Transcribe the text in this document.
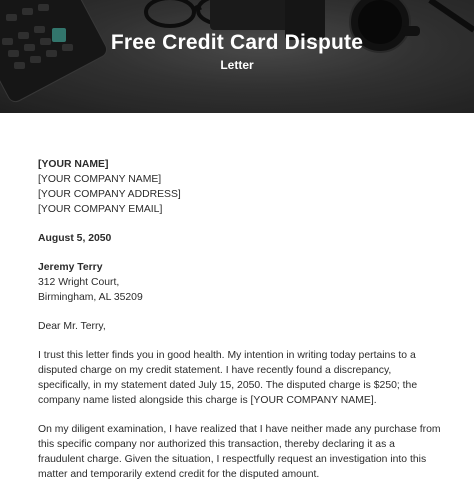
Free Credit Card Dispute
Letter
[YOUR NAME]
[YOUR COMPANY NAME]
[YOUR COMPANY ADDRESS]
[YOUR COMPANY EMAIL]
August 5, 2050
Jeremy Terry
312 Wright Court,
Birmingham, AL 35209
Dear Mr. Terry,
I trust this letter finds you in good health. My intention in writing today pertains to a
disputed charge on my credit statement. I have recently found a discrepancy,
specifically, in my statement dated July 15, 2050. The disputed charge is $250; the
company name listed alongside this charge is [YOUR COMPANY NAME].
On my diligent examination, I have realized that I have neither made any purchase from
this specific company nor authorized this transaction, thereby declaring it as a
fraudulent charge. Given the situation, I respectfully request an investigation into this
matter and temporarily extend credit for the disputed amount.
